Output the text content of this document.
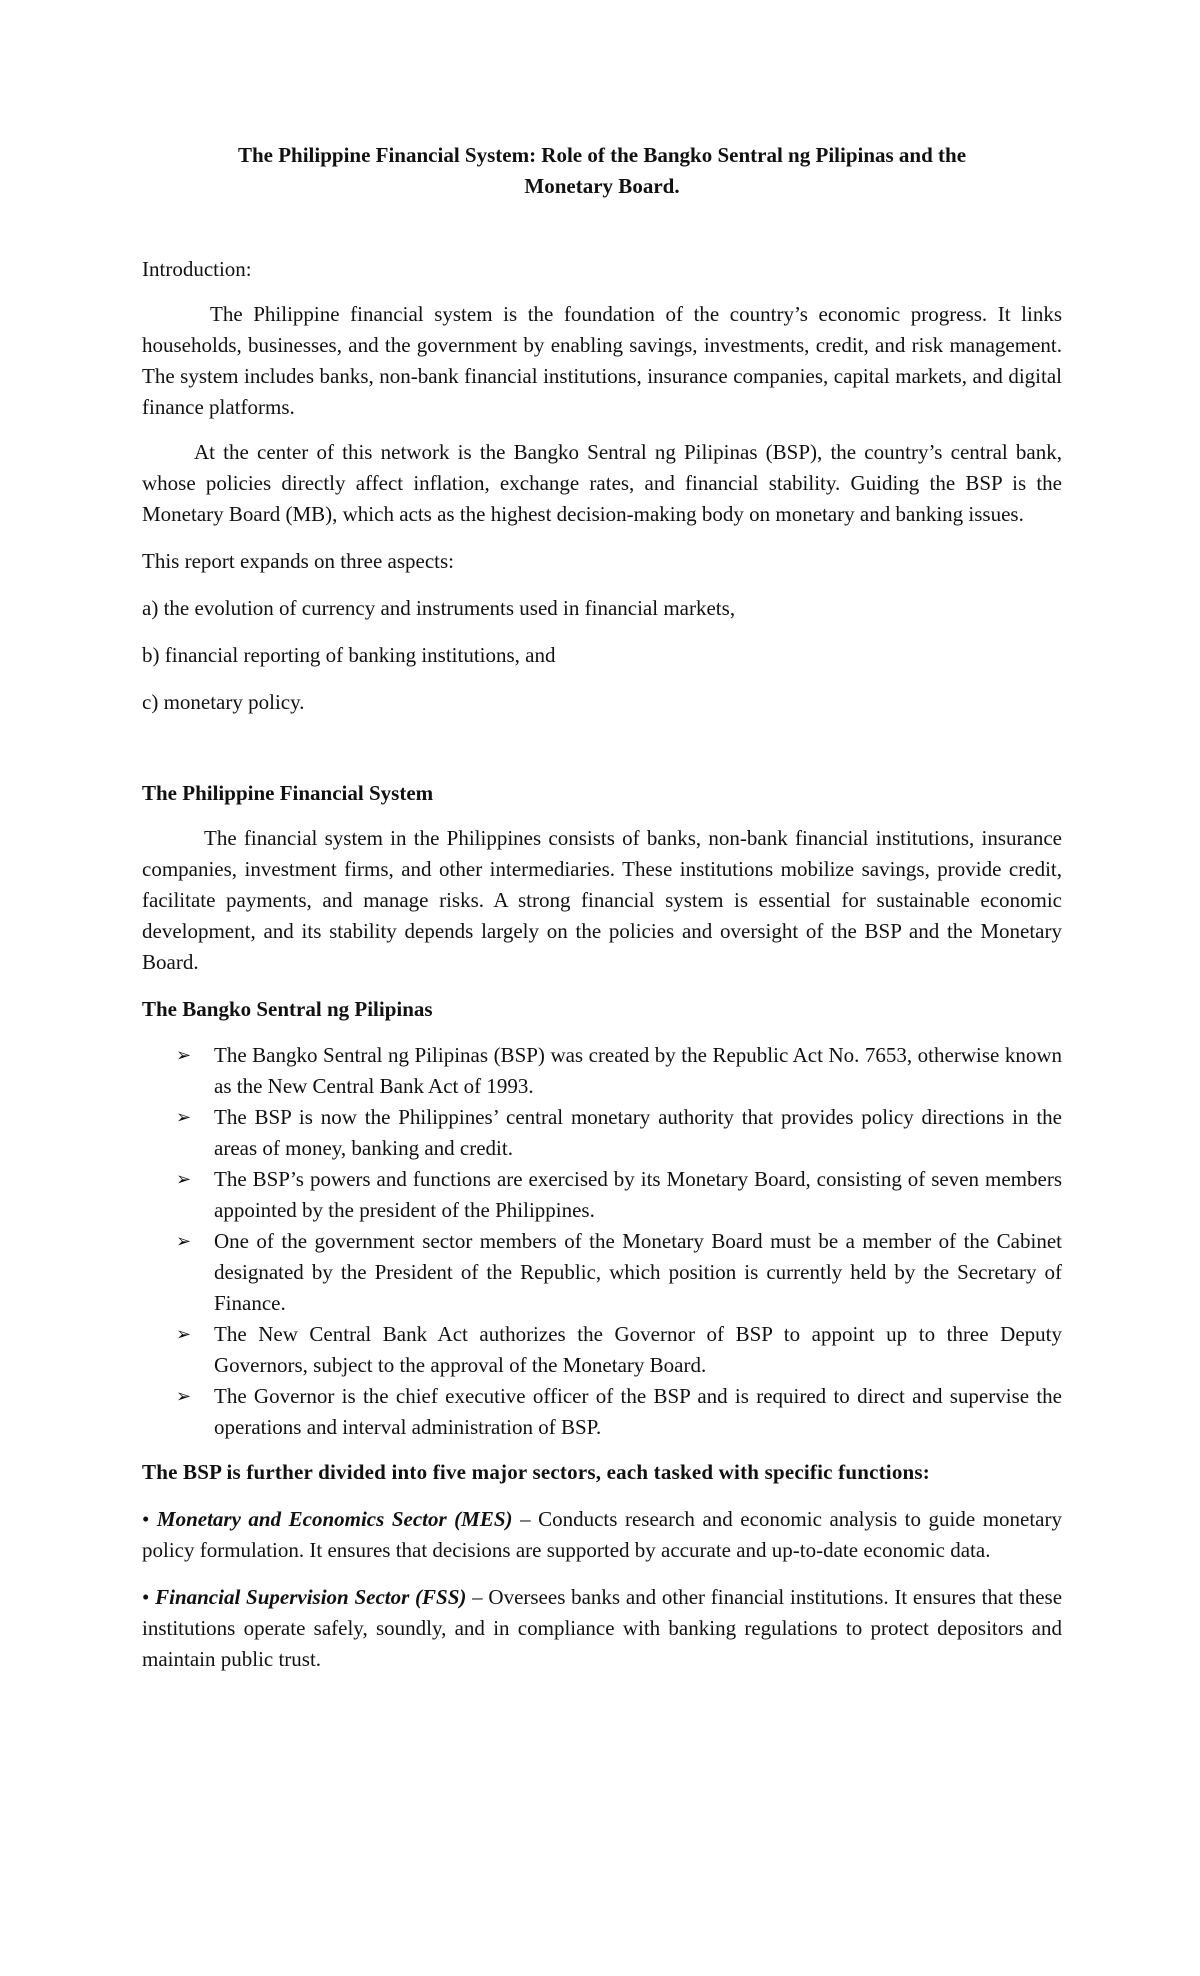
The Philippine Financial System: Role of the Bangko Sentral ng Pilipinas and the
Monetary Board.

Introduction:

The Philippine financial system is the foundation of the country’s economic progress. It links households, businesses, and the government by enabling savings, investments, credit, and risk management. The system includes banks, non-bank financial institutions, insurance companies, capital markets, and digital finance platforms.

At the center of this network is the Bangko Sentral ng Pilipinas (BSP), the country’s central bank, whose policies directly affect inflation, exchange rates, and financial stability. Guiding the BSP is the Monetary Board (MB), which acts as the highest decision-making body on monetary and banking issues.

This report expands on three aspects:

a) the evolution of currency and instruments used in financial markets,

b) financial reporting of banking institutions, and

c) monetary policy.

The Philippine Financial System

The financial system in the Philippines consists of banks, non-bank financial institutions, insurance companies, investment firms, and other intermediaries. These institutions mobilize savings, provide credit, facilitate payments, and manage risks. A strong financial system is essential for sustainable economic development, and its stability depends largely on the policies and oversight of the BSP and the Monetary Board.

The Bangko Sentral ng Pilipinas

➢ The Bangko Sentral ng Pilipinas (BSP) was created by the Republic Act No. 7653, otherwise known as the New Central Bank Act of 1993.
➢ The BSP is now the Philippines’ central monetary authority that provides policy directions in the areas of money, banking and credit.
➢ The BSP’s powers and functions are exercised by its Monetary Board, consisting of seven members appointed by the president of the Philippines.
➢ One of the government sector members of the Monetary Board must be a member of the Cabinet designated by the President of the Republic, which position is currently held by the Secretary of Finance.
➢ The New Central Bank Act authorizes the Governor of BSP to appoint up to three Deputy Governors, subject to the approval of the Monetary Board.
➢ The Governor is the chief executive officer of the BSP and is required to direct and supervise the operations and interval administration of BSP.

The BSP is further divided into five major sectors, each tasked with specific functions:

• Monetary and Economics Sector (MES) – Conducts research and economic analysis to guide monetary policy formulation. It ensures that decisions are supported by accurate and up-to-date economic data.

• Financial Supervision Sector (FSS) – Oversees banks and other financial institutions. It ensures that these institutions operate safely, soundly, and in compliance with banking regulations to protect depositors and maintain public trust.
